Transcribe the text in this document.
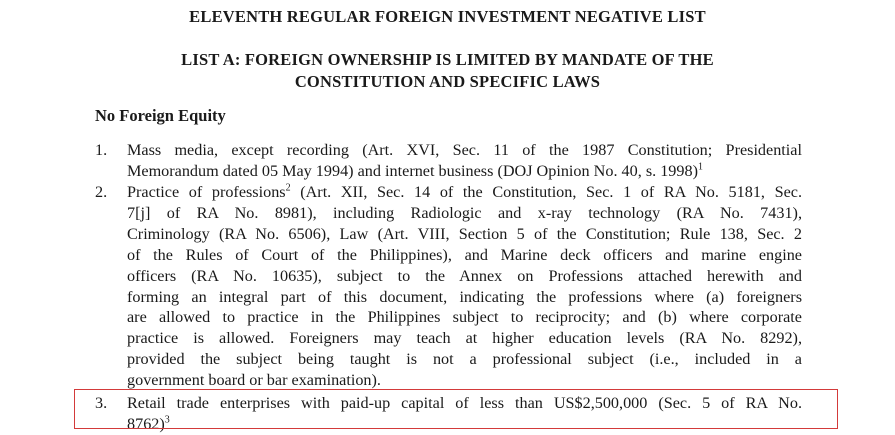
ELEVENTH REGULAR FOREIGN INVESTMENT NEGATIVE LIST
LIST A: FOREIGN OWNERSHIP IS LIMITED BY MANDATE OF THE
CONSTITUTION AND SPECIFIC LAWS
No Foreign Equity
1.	Mass media, except recording (Art. XVI, Sec. 11 of the 1987 Constitution; Presidential
Memorandum dated 05 May 1994) and internet business (DOJ Opinion No. 40, s. 1998)$^1$
2.	Practice of professions$^2$ (Art. XII, Sec. 14 of the Constitution, Sec. 1 of RA No. 5181, Sec.
7[j] of RA No. 8981), including Radiologic and x-ray technology (RA No. 7431),
Criminology (RA No. 6506), Law (Art. VIII, Section 5 of the Constitution; Rule 138, Sec. 2
of the Rules of Court of the Philippines), and Marine deck officers and marine engine
officers (RA No. 10635), subject to the Annex on Professions attached herewith and
forming an integral part of this document, indicating the professions where (a) foreigners
are allowed to practice in the Philippines subject to reciprocity; and (b) where corporate
practice is allowed. Foreigners may teach at higher education levels (RA No. 8292),
provided the subject being taught is not a professional subject (i.e., included in a
government board or bar examination).
3.	Retail trade enterprises with paid-up capital of less than US$2,500,000 (Sec. 5 of RA No.
8762)$^3$
